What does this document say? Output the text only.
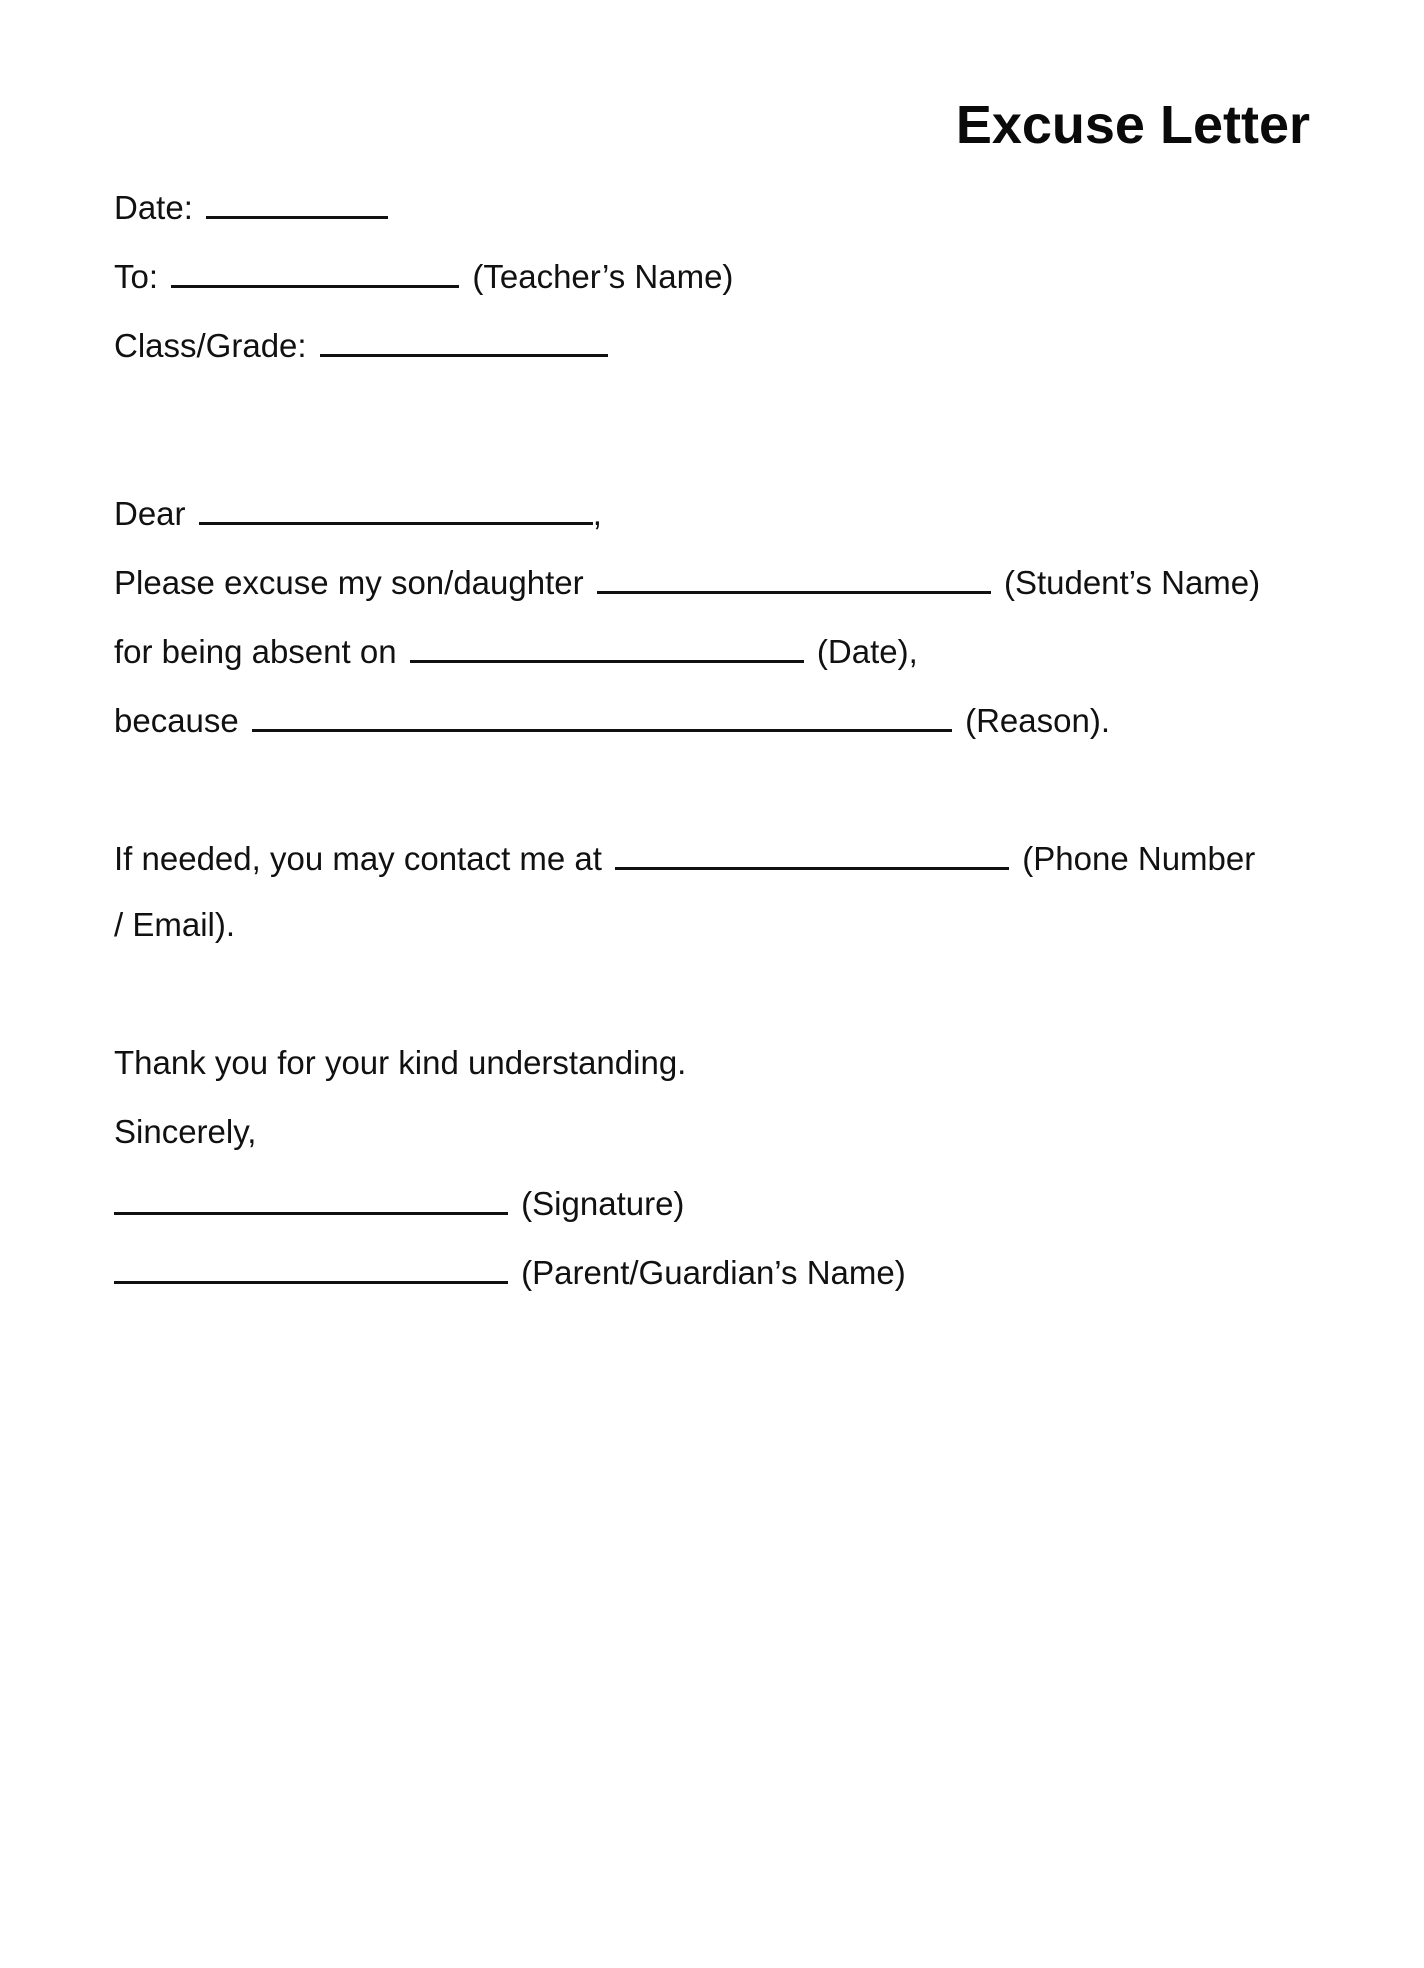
Excuse Letter
Date:
To:	(Teacher’s Name)
Class/Grade:
Dear	,
Please excuse my son/daughter	(Student’s Name)
for being absent on	(Date),
because	(Reason).
If needed, you may contact me at	(Phone Number
/ Email).
Thank you for your kind understanding.
Sincerely,
(Signature)
(Parent/Guardian’s Name)
